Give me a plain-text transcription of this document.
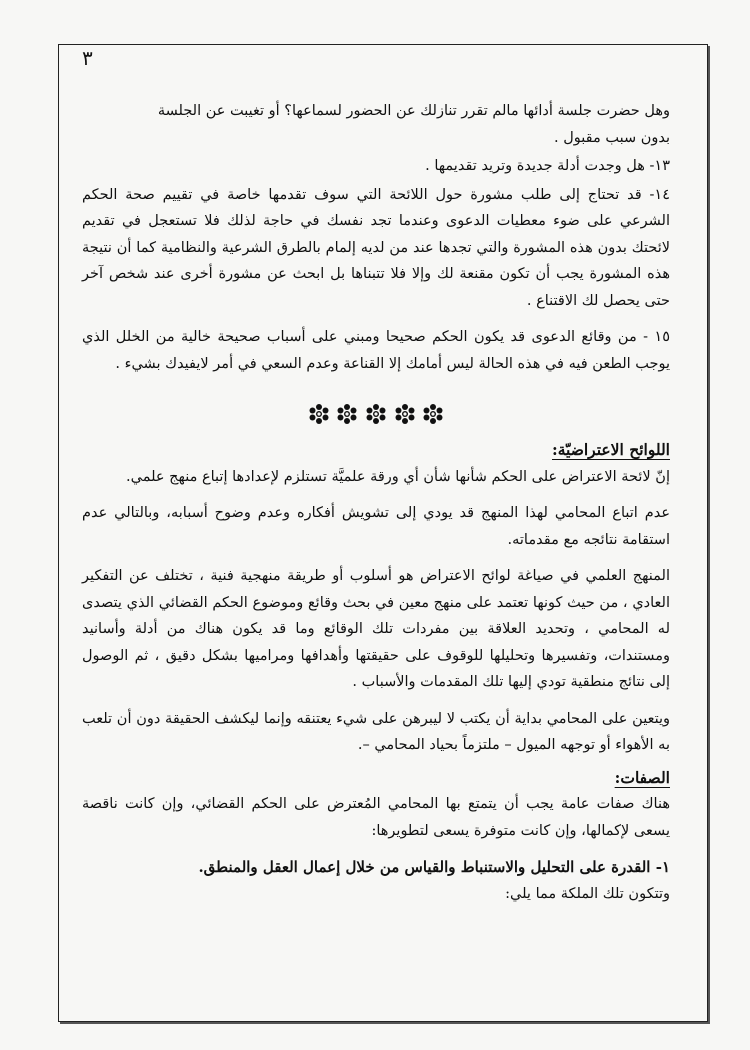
٣

وهل حضرت جلسة أدائها مالم تقرر تنازلك عن الحضور لسماعها؟ أو تغيبت عن الجلسة
بدون سبب مقبول .

١٣- هل وجدت أدلة جديدة وتريد تقديمها .

١٤- قد تحتاج إلى طلب مشورة حول اللائحة التي سوف تقدمها خاصة في تقييم صحة الحكم الشرعي على ضوء معطيات الدعوى وعندما تجد نفسك في حاجة لذلك فلا تستعجل في تقديم لائحتك بدون هذه المشورة والتي تجدها عند من لديه إلمام بالطرق الشرعية والنظامية كما أن نتيجة هذه المشورة يجب أن تكون مقنعة لك وإلا فلا تتبناها بل ابحث عن مشورة أخرى عند شخص آخر حتى يحصل لك الاقتناع .

١٥ - من وقائع الدعوى قد يكون الحكم صحيحا ومبني على أسباب صحيحة خالية من الخلل الذي يوجب الطعن فيه في هذه الحالة ليس أمامك إلا القناعة وعدم السعي في أمر لايفيدك بشيء .

اللوائح الاعتراضيّة:

إنّ لائحة الاعتراض على الحكم شأنها شأن أي ورقة علميَّة تستلزم لإعدادها إتباع منهج علمي.

عدم اتباع المحامي لهذا المنهج قد يودي إلى تشويش أفكاره وعدم وضوح أسبابه، وبالتالي عدم استقامة نتائجه مع مقدماته.

المنهج العلمي في صياغة لوائح الاعتراض هو أسلوب أو طريقة منهجية فنية ، تختلف عن التفكير العادي ، من حيث كونها تعتمد على منهج معين في بحث وقائع وموضوع الحكم القضائي الذي يتصدى له المحامي ، وتحديد العلاقة بين مفردات تلك الوقائع وما قد يكون هناك من أدلة وأسانيد ومستندات، وتفسيرها وتحليلها للوقوف على حقيقتها وأهدافها ومراميها بشكل دقيق ، ثم الوصول إلى نتائج منطقية تودي إليها تلك المقدمات والأسباب .

ويتعين على المحامي بداية أن يكتب لا ليبرهن على شيء يعتنقه وإنما ليكشف الحقيقة دون أن تلعب به الأهواء أو توجهه الميول – ملتزماً بحياد المحامي –.

الصفات:

هناك صفات عامة يجب أن يتمتع بها المحامي المُعترض على الحكم القضائي، وإن كانت ناقصة يسعى لإكمالها، وإن كانت متوفرة يسعى لتطويرها:

١- القدرة على التحليل والاستنباط والقياس من خلال إعمال العقل والمنطق.

وتتكون تلك الملكة مما يلي:
